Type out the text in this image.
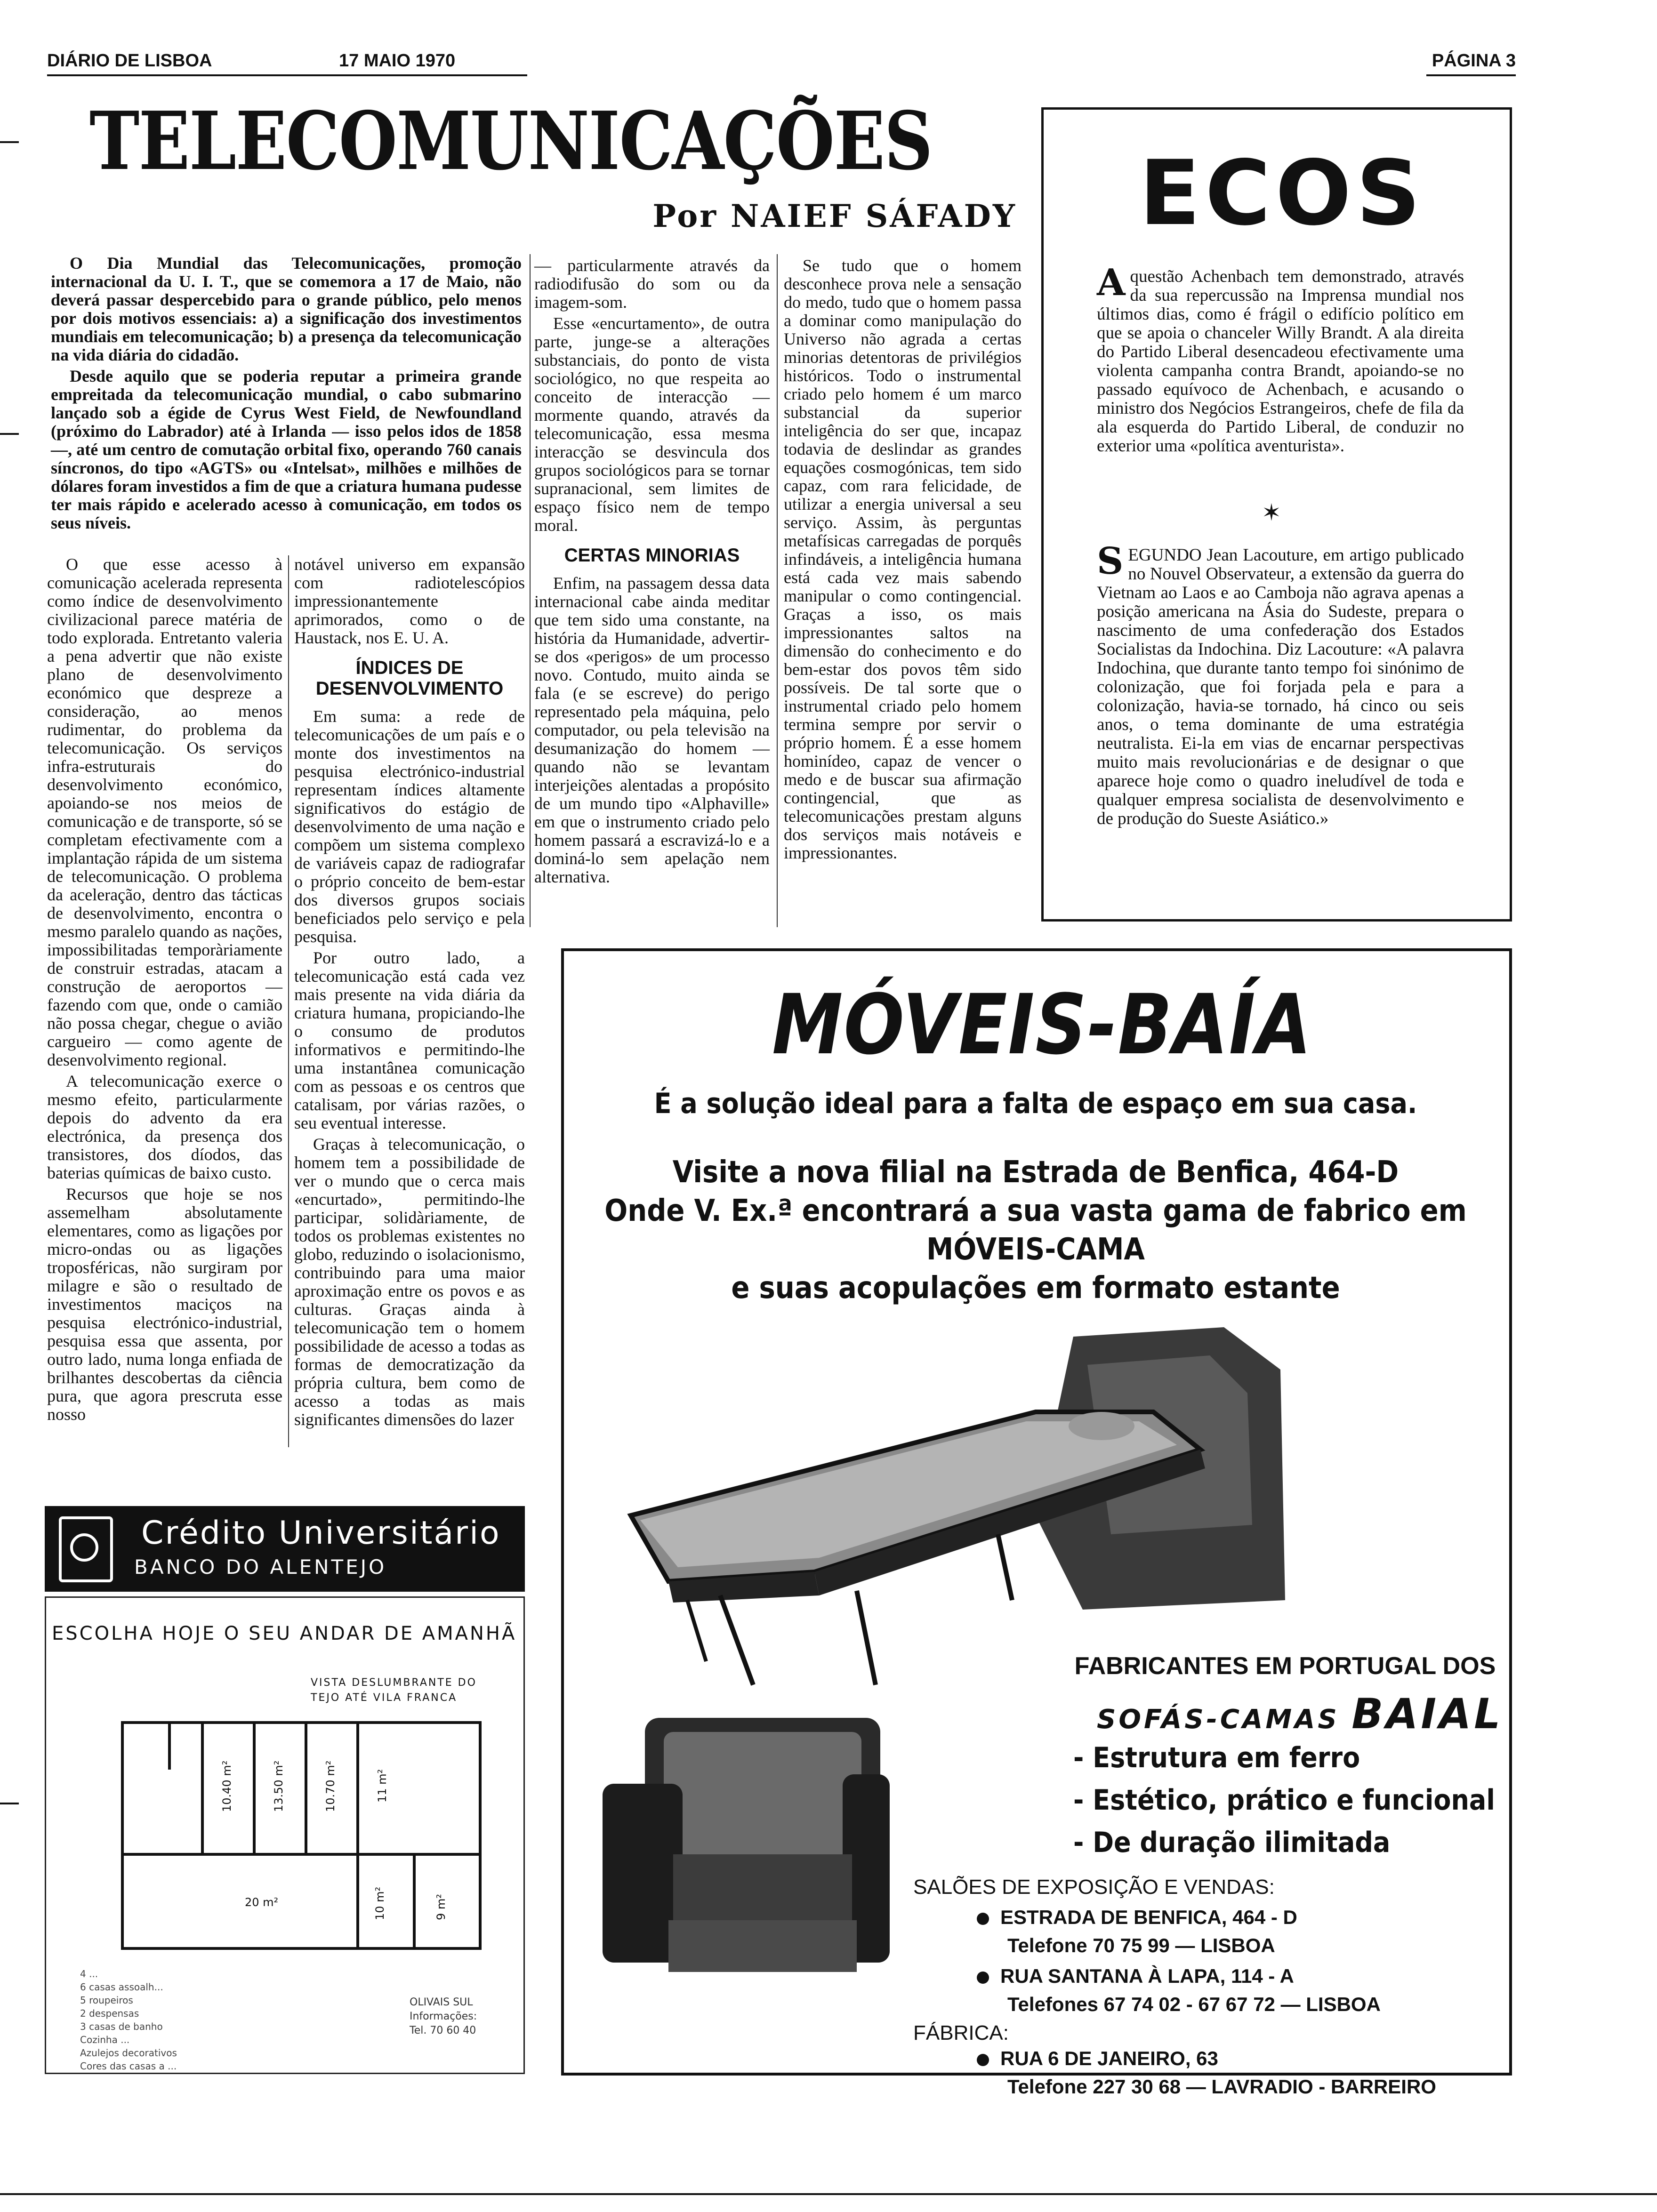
DIÁRIO DE LISBOA	17 MAIO 1970	PÁGINA 3
TELECOMUNICAÇÕES
Por NAIEF SÁFADY

O Dia Mundial das Telecomunicações, promoção internacional da U. I. T., que se comemora a 17 de Maio, não deverá passar despercebido para o grande público, pelo menos por dois motivos essenciais: a) a significação dos investimentos mundiais em telecomunicação; b) a presença da telecomunicação na vida diária do cidadão.

Desde aquilo que se poderia reputar a primeira grande empreitada da telecomunicação mundial, o cabo submarino lançado sob a égide de Cyrus West Field, de Newfoundland (próximo do Labrador) até à Irlanda — isso pelos idos de 1858 —, até um centro de comutação orbital fixo, operando 760 canais síncronos, do tipo «AGTS» ou «Intelsat», milhões e milhões de dólares foram investidos a fim de que a criatura humana pudesse ter mais rápido e acelerado acesso à comunicação, em todos os seus níveis.

O que esse acesso à comunicação acelerada representa como índice de desenvolvimento civilizacional parece matéria de todo explorada. Entretanto valeria a pena advertir que não existe plano de desenvolvimento económico que despreze a consideração, ao menos rudimentar, do problema da telecomunicação. Os serviços infra-estruturais do desenvolvimento económico, apoiando-se nos meios de comunicação e de transporte, só se completam efectivamente com a implantação rápida de um sistema de telecomunicação. O problema da aceleração, dentro das tácticas de desenvolvimento, encontra o mesmo paralelo quando as nações, impossibilitadas temporàriamente de construir estradas, atacam a construção de aeroportos — fazendo com que, onde o camião não possa chegar, chegue o avião cargueiro — como agente de desenvolvimento regional.

A telecomunicação exerce o mesmo efeito, particularmente depois do advento da era electrónica, da presença dos transistores, dos díodos, das baterias químicas de baixo custo.

Recursos que hoje se nos assemelham absolutamente elementares, como as ligações por micro-ondas ou as ligações troposféricas, não surgiram por milagre e são o resultado de investimentos maciços na pesquisa electrónico-industrial, pesquisa essa que assenta, por outro lado, numa longa enfiada de brilhantes descobertas da ciência pura, que agora prescruta esse nosso

notável universo em expansão com radiotelescópios impressionantemente aprimorados, como o de Haustack, nos E. U. A.

ÍNDICES DE DESENVOLVIMENTO

Em suma: a rede de telecomunicações de um país e o monte dos investimentos na pesquisa electrónico-industrial representam índices altamente significativos do estágio de desenvolvimento de uma nação e compõem um sistema complexo de variáveis capaz de radiografar o próprio conceito de bem-estar dos diversos grupos sociais beneficiados pelo serviço e pela pesquisa.

Por outro lado, a telecomunicação está cada vez mais presente na vida diária da criatura humana, propiciando-lhe o consumo de produtos informativos e permitindo-lhe uma instantânea comunicação com as pessoas e os centros que catalisam, por várias razões, o seu eventual interesse.

Graças à telecomunicação, o homem tem a possibilidade de ver o mundo que o cerca mais «encurtado», permitindo-lhe participar, solidàriamente, de todos os problemas existentes no globo, reduzindo o isolacionismo, contribuindo para uma maior aproximação entre os povos e as culturas. Graças ainda à telecomunicação tem o homem possibilidade de acesso a todas as formas de democratização da própria cultura, bem como de acesso a todas as mais significantes dimensões do lazer

— particularmente através da radiodifusão do som ou da imagem-som.

Esse «encurtamento», de outra parte, junge-se a alterações substanciais, do ponto de vista sociológico, no que respeita ao conceito de interacção — mormente quando, através da telecomunicação, essa mesma interacção se desvincula dos grupos sociológicos para se tornar supranacional, sem limites de espaço físico nem de tempo moral.

CERTAS MINORIAS

Enfim, na passagem dessa data internacional cabe ainda meditar que tem sido uma constante, na história da Humanidade, advertir-se dos «perigos» de um processo novo. Contudo, muito ainda se fala (e se escreve) do perigo representado pela máquina, pelo computador, ou pela televisão na desumanização do homem — quando não se levantam interjeições alentadas a propósito de um mundo tipo «Alphaville» em que o instrumento criado pelo homem passará a escravizá-lo e a dominá-lo sem apelação nem alternativa.

Se tudo que o homem desconhece prova nele a sensação do medo, tudo que o homem passa a dominar como manipulação do Universo não agrada a certas minorias detentoras de privilégios históricos. Todo o instrumental criado pelo homem é um marco substancial da superior inteligência do ser que, incapaz todavia de deslindar as grandes equações cosmogónicas, tem sido capaz, com rara felicidade, de utilizar a energia universal a seu serviço. Assim, às perguntas metafísicas carregadas de porquês infindáveis, a inteligência humana está cada vez mais sabendo manipular o como contingencial. Graças a isso, os mais impressionantes saltos na dimensão do conhecimento e do bem-estar dos povos têm sido possíveis. De tal sorte que o instrumental criado pelo homem termina sempre por servir o próprio homem. É a esse homem hominídeo, capaz de vencer o medo e de buscar sua afirmação contingencial, que as telecomunicações prestam alguns dos serviços mais notáveis e impressionantes.

ECOS
A questão Achenbach tem demonstrado, através da sua repercussão na Imprensa mundial nos últimos dias, como é frágil o edifício político em que se apoia o chanceler Willy Brandt. A ala direita do Partido Liberal desencadeou efectivamente uma violenta campanha contra Brandt, apoiando-se no passado equívoco de Achenbach, e acusando o ministro dos Negócios Estrangeiros, chefe de fila da ala esquerda do Partido Liberal, de conduzir no exterior uma «política aventurista».
✶
S EGUNDO Jean Lacouture, em artigo publicado no Nouvel Observateur, a extensão da guerra do Vietnam ao Laos e ao Camboja não agrava apenas a posição americana na Ásia do Sudeste, prepara o nascimento de uma confederação dos Estados Socialistas da Indochina. Diz Lacouture: «A palavra Indochina, que durante tanto tempo foi sinónimo de colonização, que foi forjada pela e para a colonização, havia-se tornado, há cinco ou seis anos, o tema dominante de uma estratégia neutralista. Ei-la em vias de encarnar perspectivas muito mais revolucionárias e de designar o que aparece hoje como o quadro ineludível de toda e qualquer empresa socialista de desenvolvimento e de produção do Sueste Asiático.»
MÓVEIS-BAÍA
É a solução ideal para a falta de espaço em sua casa.
Visite a nova filial na Estrada de Benfica, 464-D
Onde V. Ex.ª encontrará a sua vasta gama de fabrico em MÓVEIS-CAMA
e suas acopulações em formato estante
FABRICANTES EM PORTUGAL DOS
SOFÁS-CAMAS BAIAL
- Estrutura em ferro
- Estético, prático e funcional
- De duração ilimitada
SALÕES DE EXPOSIÇÃO E VENDAS:
ESTRADA DE BENFICA, 464 - D
Telefone 70 75 99 — LISBOA
RUA SANTANA À LAPA, 114 - A
Telefones 67 74 02 - 67 67 72 — LISBOA
FÁBRICA:
RUA 6 DE JANEIRO, 63
Crédito Universitário
BANCO DO ALENTEJO
ESCOLHA HOJE O SEU ANDAR DE AMANHÃ
VISTA DESLUMBRANTE DO
TEJO ATÉ VILA FRANCA
10.40 m²	13.50 m²	10.70 m²	11 m²
20 m²	10 m²	9 m²
4 ...
6 casas assoalh...
5 roupeiros
2 despensas
3 casas de banho
Cozinha ...
Azulejos decorativos
Cores das casas a ...
OLIVAIS SUL
Informações:
Tel. 70 60 40
Telefone 227 30 68 — LAVRADIO - BARREIRO
